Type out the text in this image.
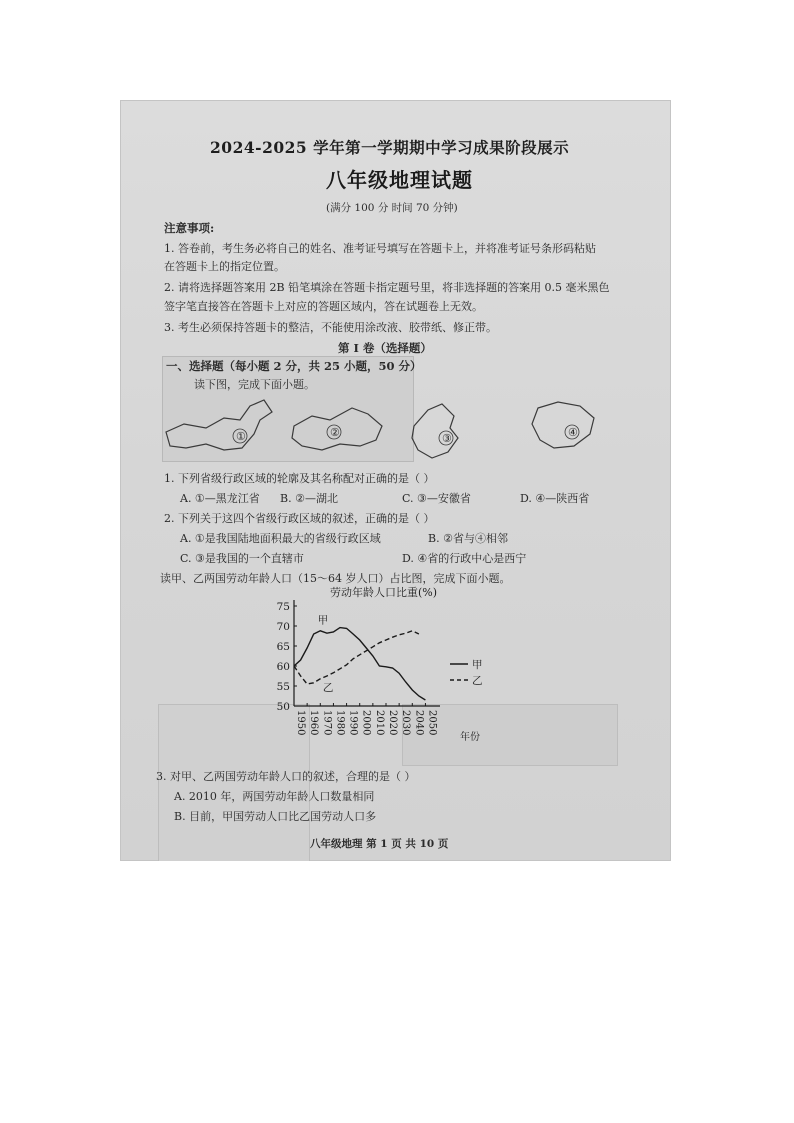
2024-2025 学年第一学期期中学习成果阶段展示
八年级地理试题
(满分 100 分 时间 70 分钟)
注意事项:
1. 答卷前，考生务必将自己的姓名、准考证号填写在答题卡上，并将准考证号条形码粘贴
在答题卡上的指定位置。
2. 请将选择题答案用 2B 铅笔填涂在答题卡指定题号里，将非选择题的答案用 0.5 毫米黑色
签字笔直接答在答题卡上对应的答题区域内，答在试题卷上无效。
3. 考生必须保持答题卡的整洁，不能使用涂改液、胶带纸、修正带。
第 I 卷（选择题）
一、选择题（每小题 2 分，共 25 小题，50 分）
读下图，完成下面小题。
①	②	③	④
1. 下列省级行政区域的轮廓及其名称配对正确的是（ ）
A. ①—黑龙江省 B. ②—湖北	C. ③—安徽省	D. ④—陕西省
2. 下列关于这四个省级行政区域的叙述，正确的是（ ）
A. ①是我国陆地面积最大的省级行政区域	B. ②省与④相邻
C. ③是我国的一个直辖市	D. ④省的行政中心是西宁
读甲、乙两国劳动年龄人口（15～64 岁人口）占比图，完成下面小题。
劳动年龄人口比重(%)
50
55
60
65
70
75
1950 1960 1970 1980 1990 2000 2010 2020 2030 2040 2050
甲
乙
甲
乙
年份
3. 对甲、乙两国劳动年龄人口的叙述，合理的是（ ）
A. 2010 年，两国劳动年龄人口数量相同
B. 目前，甲国劳动人口比乙国劳动人口多
八年级地理 第 1 页 共 10 页
